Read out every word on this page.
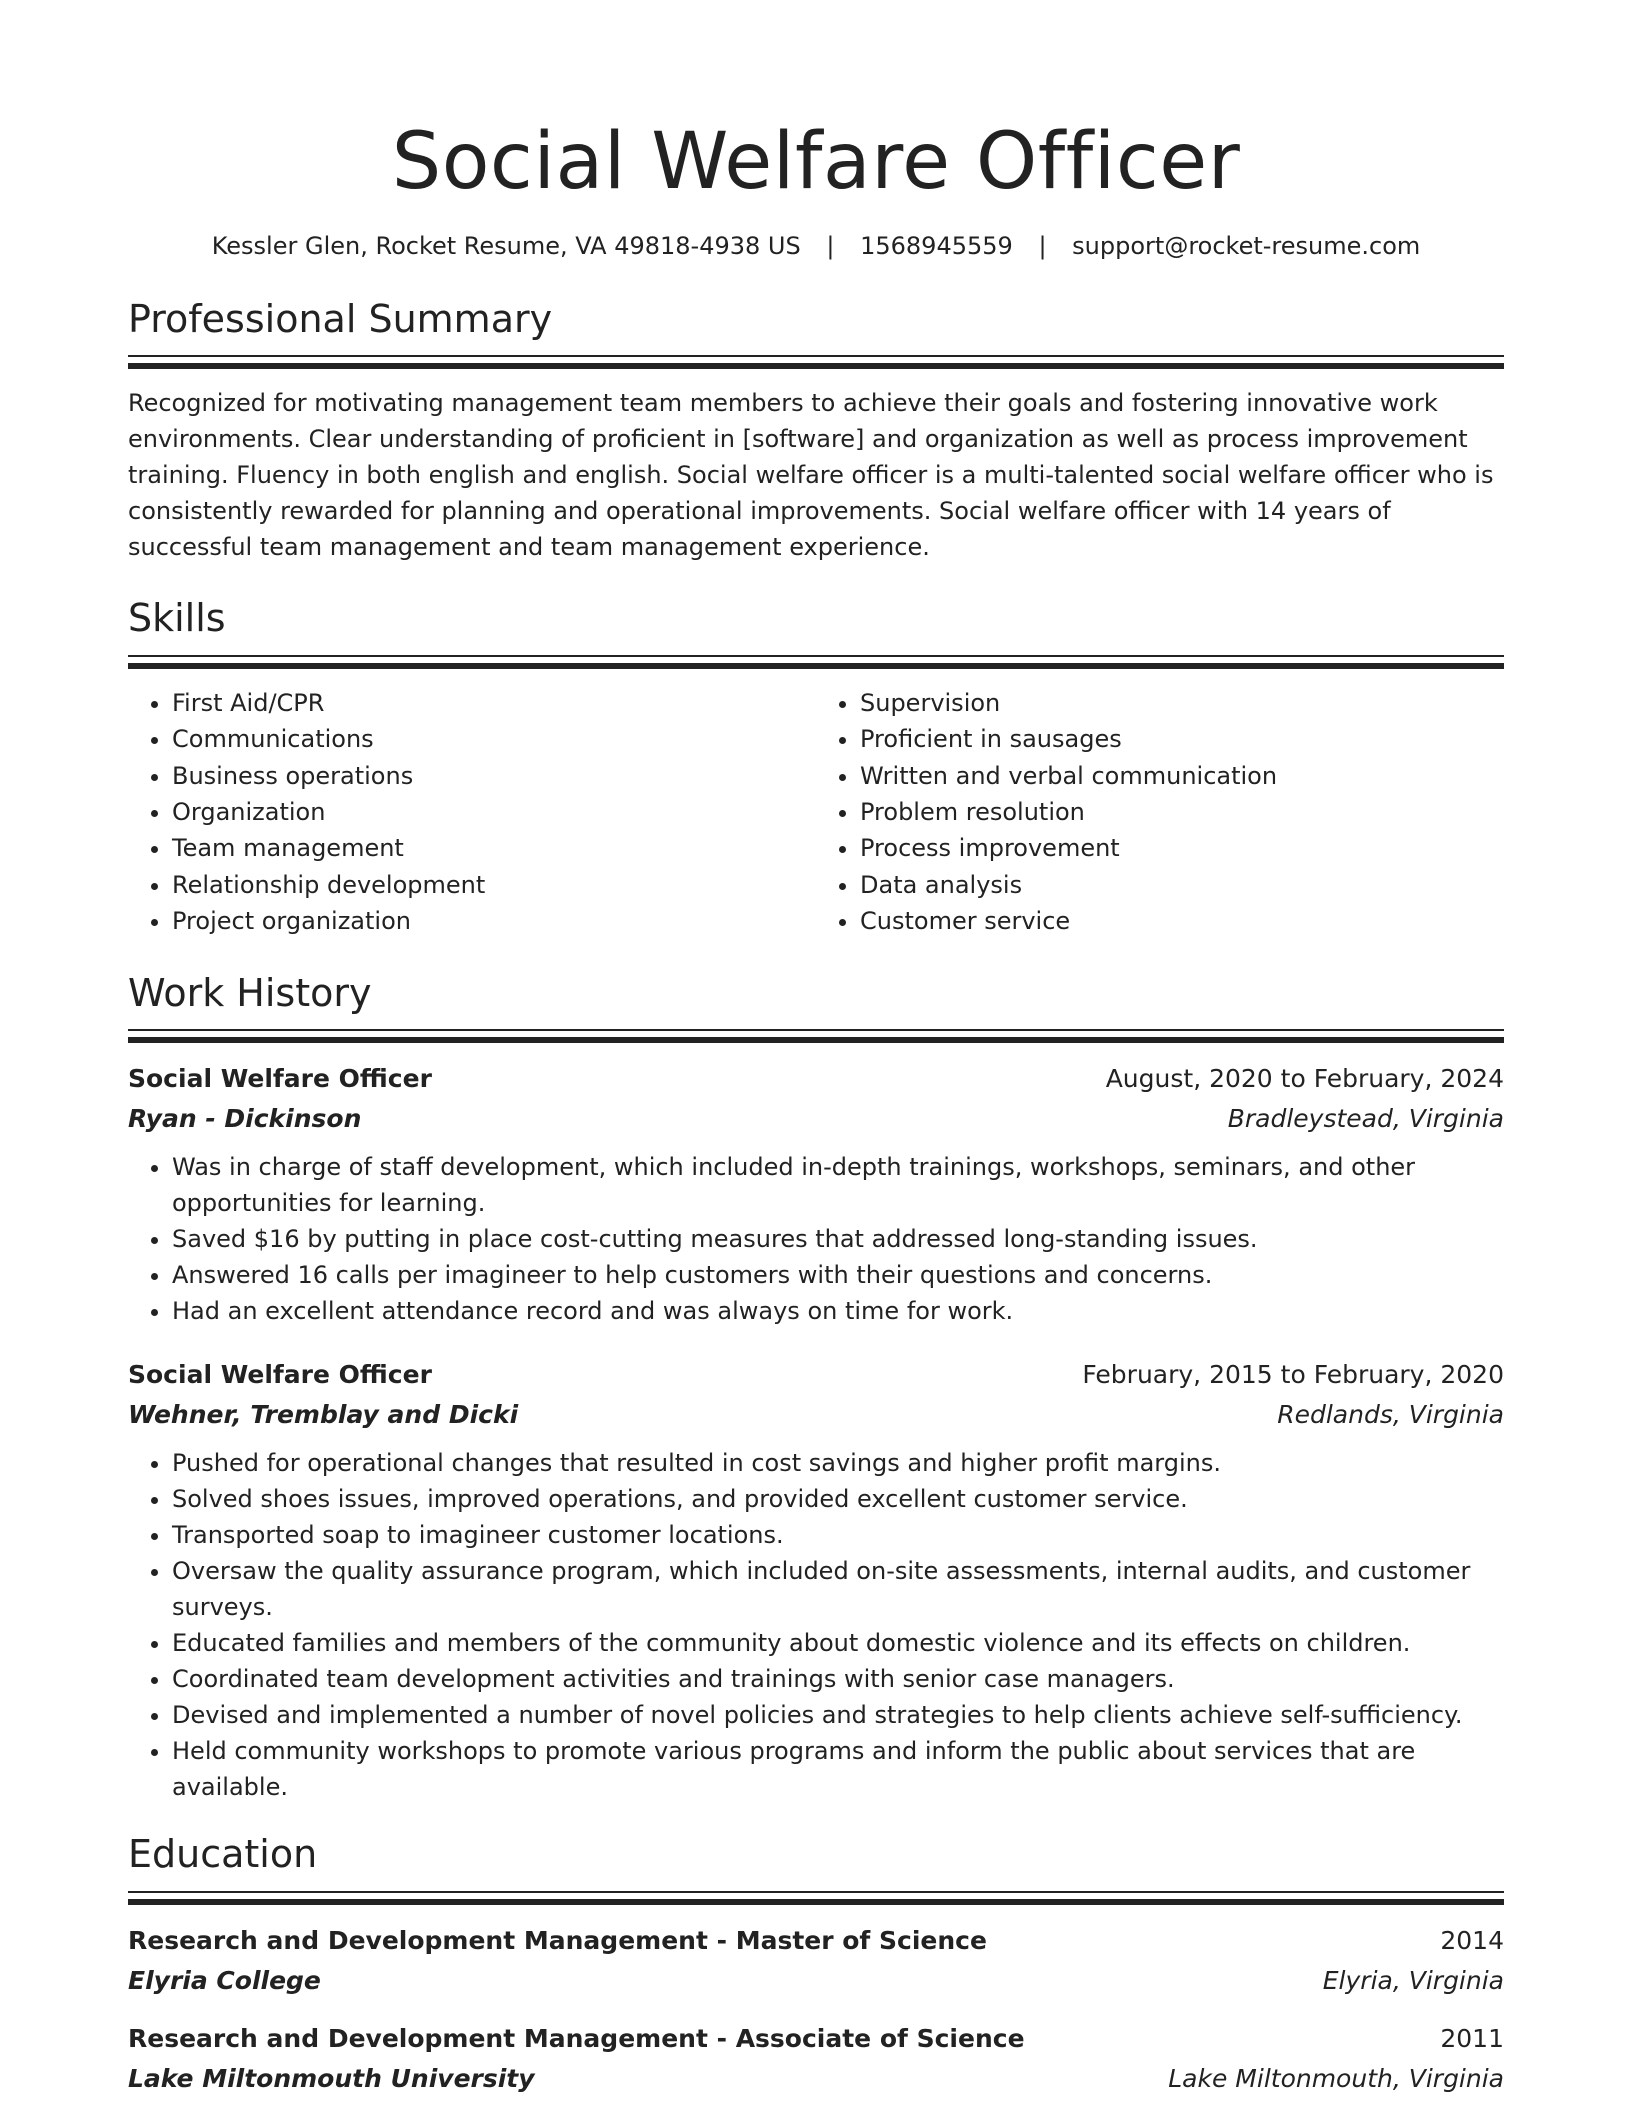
Social Welfare Officer
Kessler Glen, Rocket Resume, VA 49818-4938 US | 1568945559 | support@rocket-resume.com
Professional Summary

Recognized for motivating management team members to achieve their goals and fostering innovative work environments. Clear understanding of proficient in [software] and organization as well as process improvement training. Fluency in both english and english. Social welfare officer is a multi-talented social welfare officer who is consistently rewarded for planning and operational improvements. Social welfare officer with 14 years of successful team management and team management experience.

Skills
• First Aid/CPR
• Communications
• Business operations
• Organization
• Team management
• Relationship development
• Project organization
• Supervision
• Proficient in sausages
• Written and verbal communication
• Problem resolution
• Process improvement
• Data analysis
• Customer service
Work History
Social Welfare Officer	August, 2020 to February, 2024
Ryan - Dickinson	Bradleystead, Virginia
• Was in charge of staff development, which included in-depth trainings, workshops, seminars, and other opportunities for learning.
• Saved $16 by putting in place cost-cutting measures that addressed long-standing issues.
• Answered 16 calls per imagineer to help customers with their questions and concerns.
• Had an excellent attendance record and was always on time for work.
Social Welfare Officer	February, 2015 to February, 2020
Wehner, Tremblay and Dicki	Redlands, Virginia
• Pushed for operational changes that resulted in cost savings and higher profit margins.
• Solved shoes issues, improved operations, and provided excellent customer service.
• Transported soap to imagineer customer locations.
• Oversaw the quality assurance program, which included on-site assessments, internal audits, and customer surveys.
• Educated families and members of the community about domestic violence and its effects on children.
• Coordinated team development activities and trainings with senior case managers.
• Devised and implemented a number of novel policies and strategies to help clients achieve self-sufficiency.
• Held community workshops to promote various programs and inform the public about services that are available.
Education
Research and Development Management - Master of Science	2014
Elyria College	Elyria, Virginia
Research and Development Management - Associate of Science	2011
Lake Miltonmouth University	Lake Miltonmouth, Virginia
